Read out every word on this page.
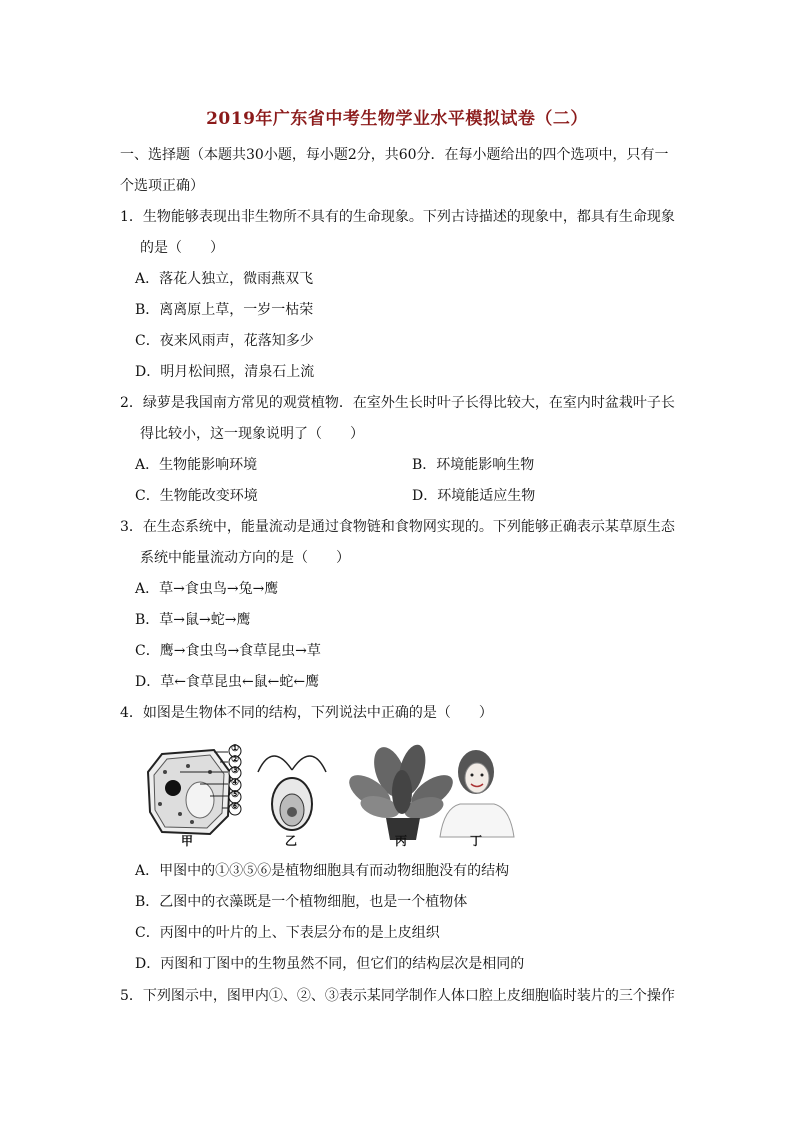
2019年广东省中考生物学业水平模拟试卷（二）
一、选择题（本题共30小题，每小题2分，共60分．在每小题给出的四个选项中，只有一
个选项正确）
1．生物能够表现出非生物所不具有的生命现象。下列古诗描述的现象中，都具有生命现象
的是（　　）
A．落花人独立，微雨燕双飞
B．离离原上草，一岁一枯荣
C．夜来风雨声，花落知多少
D．明月松间照，清泉石上流
2．绿萝是我国南方常见的观赏植物．在室外生长时叶子长得比较大，在室内时盆栽叶子长
得比较小，这一现象说明了（　　）
A．生物能影响环境	B．环境能影响生物
C．生物能改变环境	D．环境能适应生物
3．在生态系统中，能量流动是通过食物链和食物网实现的。下列能够正确表示某草原生态
系统中能量流动方向的是（　　）
A．草→食虫鸟→兔→鹰
B．草→鼠→蛇→鹰
C．鹰→食虫鸟→食草昆虫→草
D．草←食草昆虫←鼠←蛇←鹰
4．如图是生物体不同的结构，下列说法中正确的是（　　）
甲	乙	丙	丁
①
②
③
④
⑤
⑥
A．甲图中的①③⑤⑥是植物细胞具有而动物细胞没有的结构
B．乙图中的衣藻既是一个植物细胞，也是一个植物体
C．丙图中的叶片的上、下表层分布的是上皮组织
D．丙图和丁图中的生物虽然不同，但它们的结构层次是相同的
5．下列图示中，图甲内①、②、③表示某同学制作人体口腔上皮细胞临时装片的三个操作
